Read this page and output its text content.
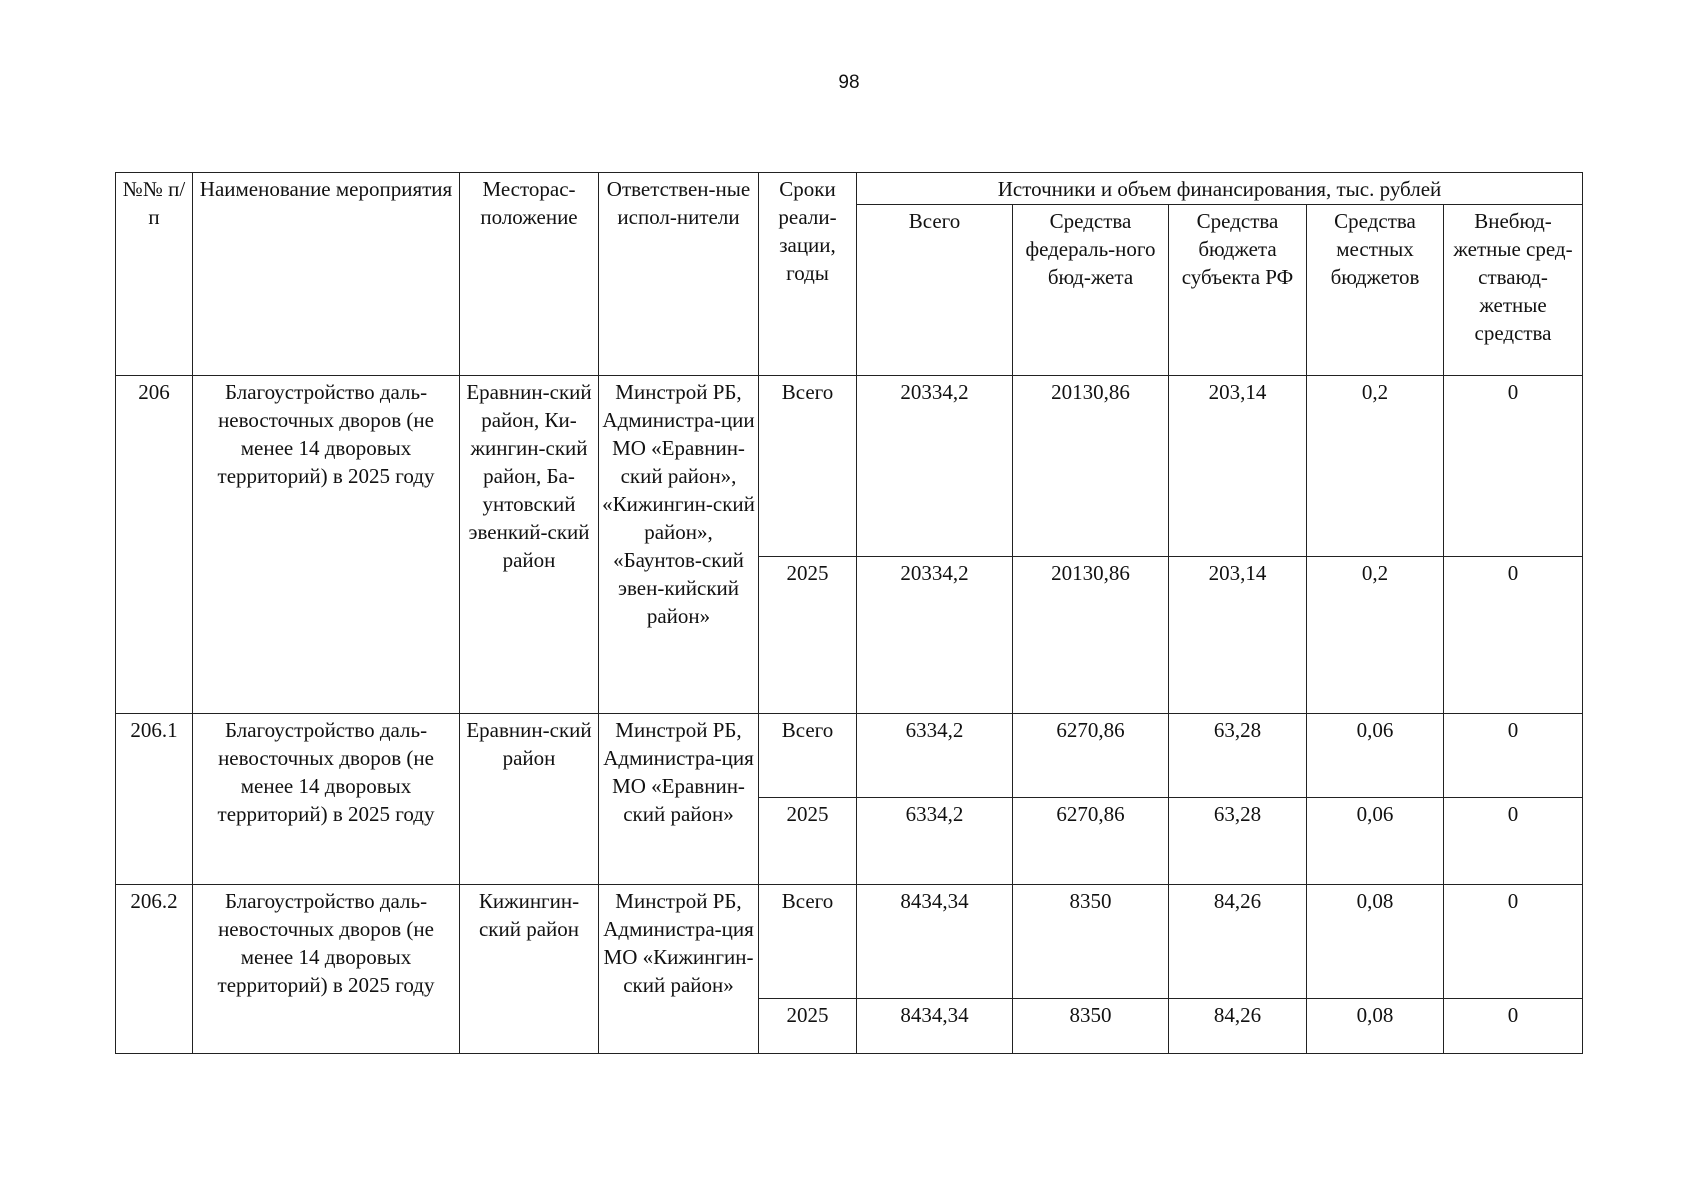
98
№№ п/п	Наименование мероприятия	Месторас-положение	Ответствен-ные испол-нители	Сроки реали-зации, годы	Источники и объем финансирования, тыс. рублей				
					Всего	Средства федераль-ного бюд-жета	Средства бюджета субъекта РФ	Средства местных бюджетов	Внебюд-жетные сред-стваюд-жетные средства
206	Благоустройство даль-невосточных дворов (не менее 14 дворовых территорий) в 2025 году	Еравнин-ский район, Ки-жингин-ский район, Ба-унтовский эвенкий-ский район	Минстрой РБ, Администра-ции МО «Еравнин-ский район», «Кижингин-ский район», «Баунтов-ский эвен-кийский район»	Всего	20334,2	20130,86	203,14	0,2	0
				2025	20334,2	20130,86	203,14	0,2	0
206.1	Благоустройство даль-невосточных дворов (не менее 14 дворовых территорий) в 2025 году	Еравнин-ский район	Минстрой РБ, Администра-ция МО «Еравнин-ский район»	Всего	6334,2	6270,86	63,28	0,06	0
				2025	6334,2	6270,86	63,28	0,06	0
206.2	Благоустройство даль-невосточных дворов (не менее 14 дворовых территорий) в 2025 году	Кижингин-ский район	Минстрой РБ, Администра-ция МО «Кижингин-ский район»	Всего	8434,34	8350	84,26	0,08	0
				2025	8434,34	8350	84,26	0,08	0
